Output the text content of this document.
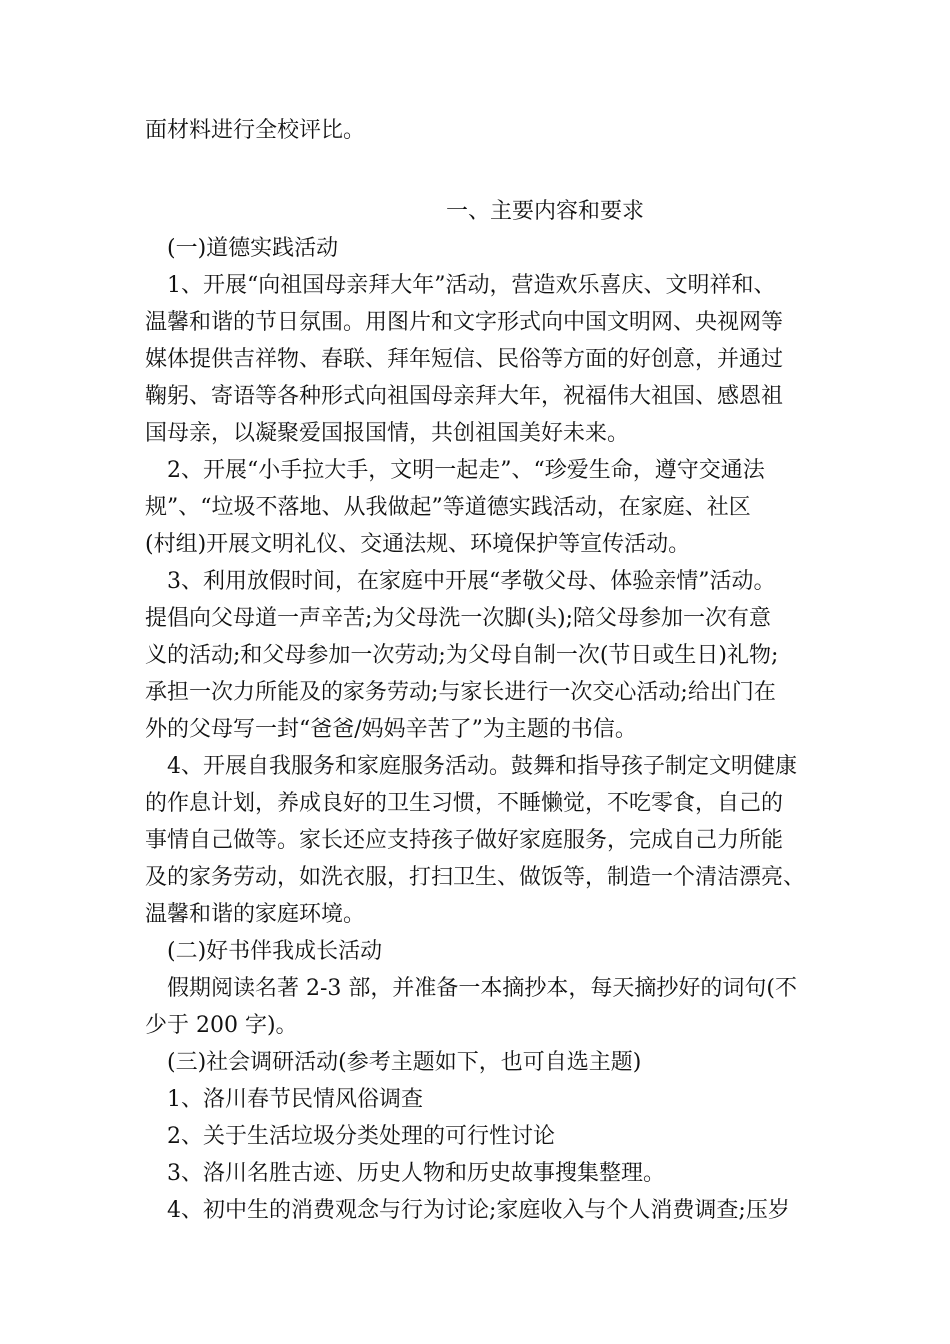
面材料进行全校评比。
一、主要内容和要求
(一)道德实践活动
1、开展“向祖国母亲拜大年”活动，营造欢乐喜庆、文明祥和、
温馨和谐的节日氛围。用图片和文字形式向中国文明网、央视网等
媒体提供吉祥物、春联、拜年短信、民俗等方面的好创意，并通过
鞠躬、寄语等各种形式向祖国母亲拜大年，祝福伟大祖国、感恩祖
国母亲，以凝聚爱国报国情，共创祖国美好未来。
2、开展“小手拉大手，文明一起走”、“珍爱生命，遵守交通法
规”、“垃圾不落地、从我做起”等道德实践活动，在家庭、社区
(村组)开展文明礼仪、交通法规、环境保护等宣传活动。
3、利用放假时间，在家庭中开展“孝敬父母、体验亲情”活动。
提倡向父母道一声辛苦;为父母洗一次脚(头);陪父母参加一次有意
义的活动;和父母参加一次劳动;为父母自制一次(节日或生日)礼物;
承担一次力所能及的家务劳动;与家长进行一次交心活动;给出门在
外的父母写一封“爸爸/妈妈辛苦了”为主题的书信。
4、开展自我服务和家庭服务活动。鼓舞和指导孩子制定文明健康
的作息计划，养成良好的卫生习惯，不睡懒觉，不吃零食，自己的
事情自己做等。家长还应支持孩子做好家庭服务，完成自己力所能
及的家务劳动，如洗衣服，打扫卫生、做饭等，制造一个清洁漂亮、
温馨和谐的家庭环境。
(二)好书伴我成长活动
假期阅读名著 2-3 部，并准备一本摘抄本，每天摘抄好的词句(不
少于 200 字)。
(三)社会调研活动(参考主题如下，也可自选主题)
1、洛川春节民情风俗调查
2、关于生活垃圾分类处理的可行性讨论
3、洛川名胜古迹、历史人物和历史故事搜集整理。
4、初中生的消费观念与行为讨论;家庭收入与个人消费调查;压岁
